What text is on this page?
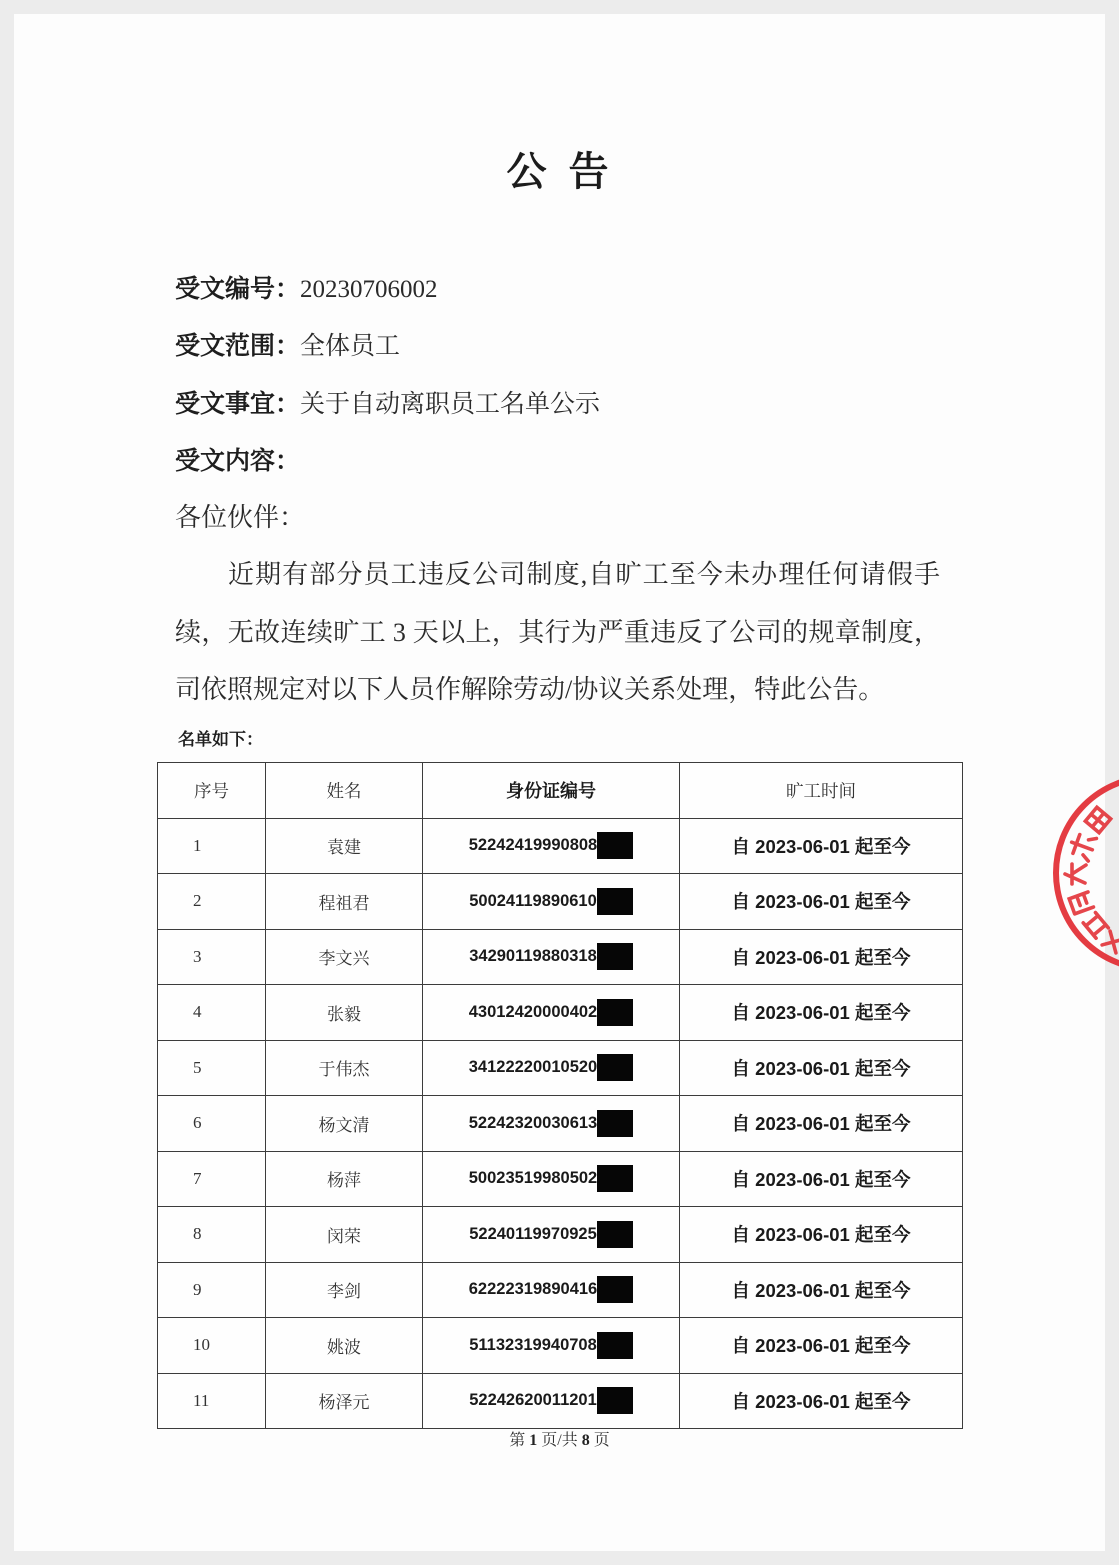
公 告
受文编号：20230706002
受文范围：全体员工
受文事宜：关于自动离职员工名单公示
受文内容：
各位伙伴：
近期有部分员工违反公司制度,自旷工至今未办理任何请假手
续，无故连续旷工 3 天以上，其行为严重违反了公司的规章制度，
司依照规定对以下人员作解除劳动/协议关系处理，特此公告。
名单如下：
序号	姓名	身份证编号	旷工时间
1	袁建	52242419990808	自 2023-06-01 起至今
2	程祖君	50024119890610	自 2023-06-01 起至今
3	李文兴	34290119880318	自 2023-06-01 起至今
4	张毅	43012420000402	自 2023-06-01 起至今
5	于伟杰	34122220010520	自 2023-06-01 起至今
6	杨文清	52242320030613	自 2023-06-01 起至今
7	杨萍	50023519980502	自 2023-06-01 起至今
8	闵荣	52240119970925	自 2023-06-01 起至今
9	李剑	62222319890416	自 2023-06-01 起至今
10	姚波	51132319940708	自 2023-06-01 起至今
11	杨泽元	52242620011201	自 2023-06-01 起至今
第 1 页/共 8 页
